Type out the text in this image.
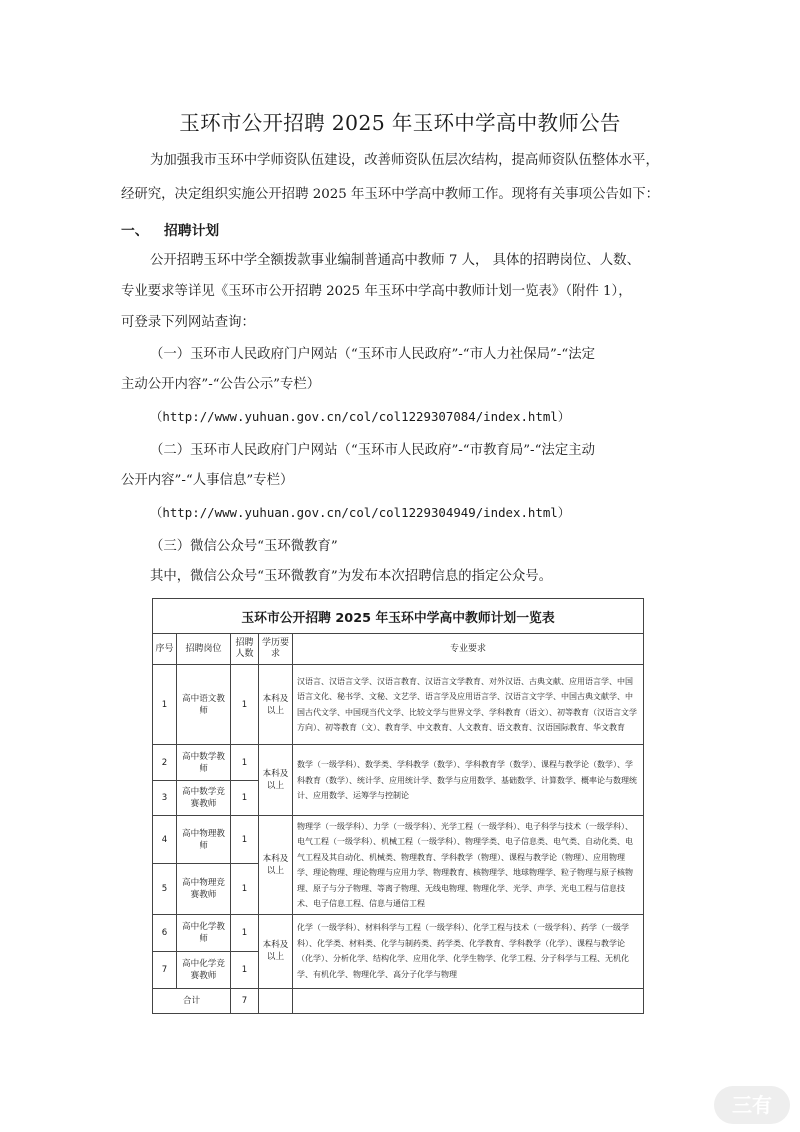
玉环市公开招聘 2025 年玉环中学高中教师公告
为加强我市玉环中学师资队伍建设，改善师资队伍层次结构，提高师资队伍整体水平，
经研究，决定组织实施公开招聘 2025 年玉环中学高中教师工作。现将有关事项公告如下：
一、 招聘计划
公开招聘玉环中学全额拨款事业编制普通高中教师 7 人， 具体的招聘岗位、人数、
专业要求等详见《玉环市公开招聘 2025 年玉环中学高中教师计划一览表》（附件 1），
可登录下列网站查询：
（一）玉环市人民政府门户网站（“玉环市人民政府”-“市人力社保局”-“法定
主动公开内容”-“公告公示”专栏）
（http://www.yuhuan.gov.cn/col/col1229307084/index.html）
（二）玉环市人民政府门户网站（“玉环市人民政府”-“市教育局”-“法定主动
公开内容”-“人事信息”专栏）
（http://www.yuhuan.gov.cn/col/col1229304949/index.html）
（三）微信公众号“玉环微教育”
其中，微信公众号“玉环微教育”为发布本次招聘信息的指定公众号。
玉环市公开招聘 2025 年玉环中学高中教师计划一览表				
序号	招聘岗位	招聘人数	学历要求	专业要求
1	高中语文教师	1	本科及以上	汉语言、汉语言文学、汉语言教育、汉语言文学教育、对外汉语、古典文献、应用语言学、中国语言文化、秘书学、文秘、文艺学、语言学及应用语言学、汉语言文字学、中国古典文献学、中国古代文学、中国现当代文学、比较文学与世界文学、学科教育（语文）、初等教育（汉语言文学方向）、初等教育（文）、教育学、中文教育、人文教育、语文教育、汉语国际教育、华文教育
2	高中数学教师	1	本科及以上	数学（一级学科）、数学类、学科教学（数学）、学科教育学（数学）、课程与教学论（数学）、学科教育（数学）、统计学、应用统计学、数学与应用数学、基础数学、计算数学、概率论与数理统计、应用数学、运筹学与控制论
3	高中数学竞赛教师	1		
4	高中物理教师	1	本科及以上	物理学（一级学科）、力学（一级学科）、光学工程（一级学科）、电子科学与技术（一级学科）、电气工程（一级学科）、机械工程（一级学科）、物理学类、电子信息类、电气类、自动化类、电气工程及其自动化、机械类、物理教育、学科教学（物理）、课程与教学论（物理）、应用物理学、理论物理、理论物理与应用力学、物理教育、核物理学、地球物理学、粒子物理与原子核物理、原子与分子物理、等离子物理、无线电物理、物理化学、光学、声学、光电工程与信息技术、电子信息工程、信息与通信工程
5	高中物理竞赛教师	1		
6	高中化学教师	1	本科及以上	化学（一级学科）、材料科学与工程（一级学科）、化学工程与技术（一级学科）、药学（一级学科）、化学类、材料类、化学与制药类、药学类、化学教育、学科教学（化学）、课程与教学论（化学）、分析化学、结构化学、应用化学、化学生物学、化学工程、分子科学与工程、无机化学、有机化学、物理化学、高分子化学与物理
7	高中化学竞赛教师	1		
合计		7		
三有
